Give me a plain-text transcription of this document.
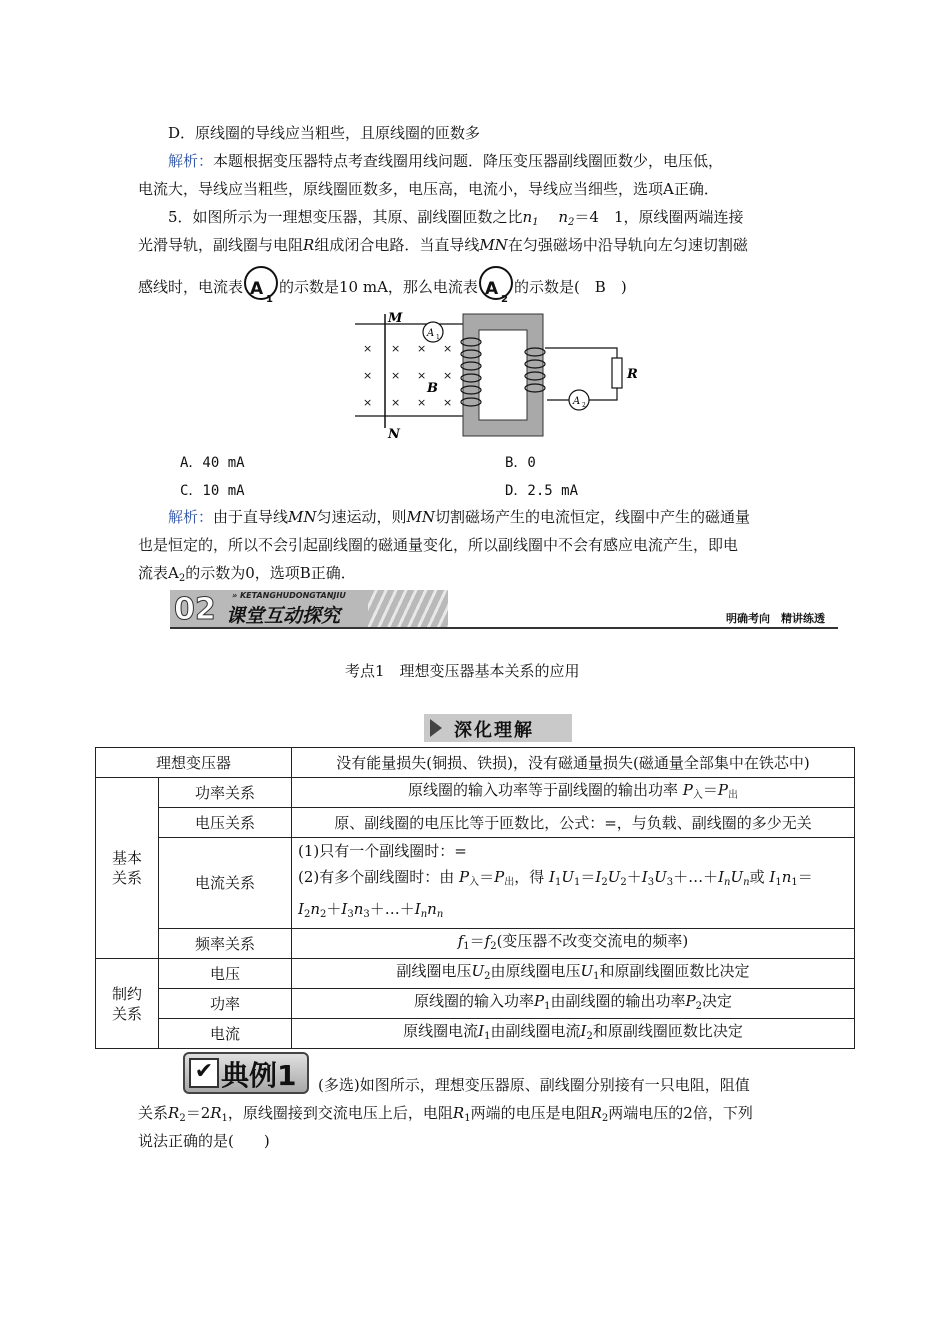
D．原线圈的导线应当粗些，且原线圈的匝数多
解析：本题根据变压器特点考查线圈用线问题．降压变压器副线圈匝数少，电压低，
电流大，导线应当粗些，原线圈匝数多，电压高，电流小，导线应当细些，选项A正确．
5．如图所示为一理想变压器，其原、副线圈匝数之比$n_1$　 $n_2=4$　1，原线圈两端连接
光滑导轨，副线圈与电阻R组成闭合电路．当直导线MN在匀强磁场中沿导轨向左匀速切割磁
感线时，电流表 A
1
的示数是10 mA，那么电流表 A
2
的示数是(　B　)
× × × ×
× × × ×
× × × ×
M
N
B
A 1
R
A 2
A．40 mA	B．0
C．10 mA	D．2.5 mA
解析：由于直导线MN匀速运动，则MN切割磁场产生的电流恒定，线圈中产生的磁通量
也是恒定的，所以不会引起副线圈的磁通量变化，所以副线圈中不会有感应电流产生，即电
流表$A_2$的示数为0，选项B正确．
02 » KETANGHUDONGTANJIU
课堂互动探究	明确考向　精讲练透
考点1　理想变压器基本关系的应用
深化理解
理想变压器		没有能量损失(铜损、铁损)，没有磁通量损失(磁通量全部集中在铁芯中)
基本
关系	功率关系	原线圈的输入功率等于副线圈的输出功率 $P_入=P_出$
	电压关系	原、副线圈的电压比等于匝数比，公式：=，与负载、副线圈的多少无关
	电流关系	(1)只有一个副线圈时：=
(2)有多个副线圈时：由 $P_入=P_出$，得 $I_1U_1=I_2U_2+I_3U_3+\dots+I_nU_n$或 $I_1n_1=$
$I_2n_2+I_3n_3+\dots+I_nn_n$

	频率关系	$f_1=f_2$(变压器不改变交流电的频率)
制约
关系	电压	副线圈电压$U_2$由原线圈电压$U_1$和原副线圈匝数比决定
	功率	原线圈的输入功率$P_1$由副线圈的输出功率$P_2$决定
	电流	原线圈电流$I_1$由副线圈电流$I_2$和原副线圈匝数比决定
✔ 典例1 (多选)如图所示，理想变压器原、副线圈分别接有一只电阻，阻值
关系$R_2=2R_1$，原线圈接到交流电压上后，电阻$R_1$两端的电压是电阻$R_2$两端电压的2倍，下列
说法正确的是(　　)
